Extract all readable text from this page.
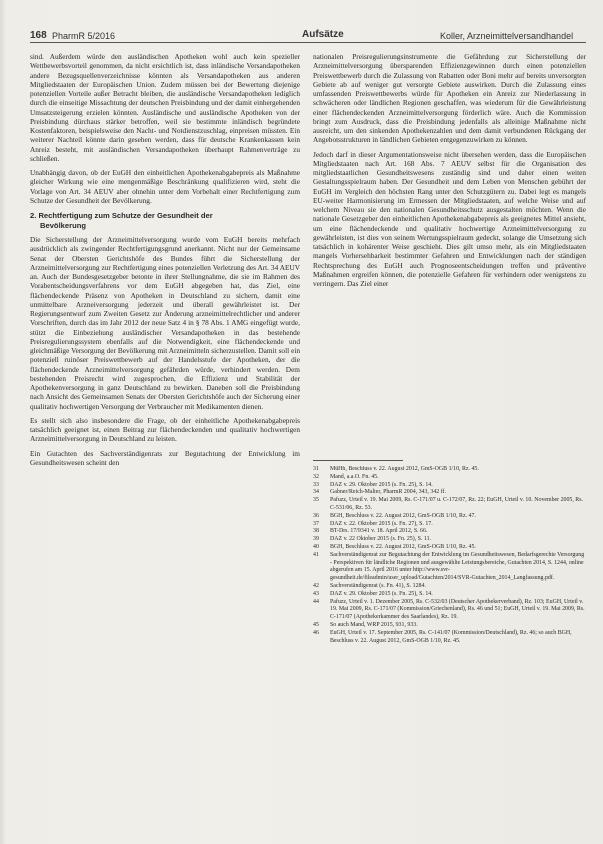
168 PharmR 5/2016	Aufsätze	Koller, Arzneimittelversandhandel

sind. Außerdem würde den ausländischen Apotheken wohl auch kein spezieller Wettbewerbsvorteil genommen, da nicht ersichtlich ist, dass inländische Versandapotheken andere Bezugsquellenverzeichnisse könnten als Versandapotheken aus anderen Mitgliedstaaten der Europäischen Union. Zudem müssen bei der Bewertung diejenige potenziellen Vorteile außer Betracht bleiben, die ausländische Versandapotheken lediglich durch die einseitige Missachtung der deutschen Preisbindung und der damit einhergehenden Umsatzsteigerung erzielen könnten. Ausländische und ausländische Apotheken von der Preisbindung dürchaus stärker betroffen, weil sie bestimmte inländisch begründete Kostenfaktoren, beispielsweise den Nacht- und Notdienstzuschlag, einpreisen müssten. Ein weiterer Nachteil könnte darin gesehen werden, dass für deutsche Krankenkassen kein Anreiz besteht, mit ausländischen Versandapotheken überhaupt Rahmenverträge zu schließen.

Unabhängig davon, ob der EuGH den einheitlichen Apothekenabgabepreis als Maßnahme gleicher Wirkung wie eine mengenmäßige Beschränkung qualifizieren wird, steht die Vorlage von Art. 34 AEUV aber ohnehin unter dem Vorbehalt einer Rechtfertigung zum Schutze der Gesundheit der Bevölkerung.

2. Rechtfertigung zum Schutze der Gesundheit der
Bevölkerung

Die Sicherstellung der Arzneimittelversorgung wurde vom EuGH bereits mehrfach ausdrücklich als zwingender Rechtfertigungsgrund anerkannt. Nicht nur der Gemeinsame Senat der Obersten Gerichtshöfe des Bundes führt die Sicherstellung der Arzneimittelversorgung zur Rechtfertigung eines potenziellen Verletzung des Art. 34 AEUV an. Auch der Bundesgesetzgeber betonte in ihrer Stellungnahme, die sie im Rahmen des Vorabentscheidungsverfahrens vor dem EuGH abgegeben hat, das Ziel, eine flächendeckende Präsenz von Apotheken in Deutschland zu sichern, damit eine unmittelbare Arzneiversorgung jederzeit und überall gewährleistet ist. Der Regierungsentwurf zum Zweiten Gesetz zur Änderung arzneimittelrechtlicher und anderer Vorschriften, durch das im Jahr 2012 der neue Satz 4 in § 78 Abs. 1 AMG eingefügt wurde, stützt die Einbeziehung ausländischer Versandapotheken in das bestehende Preisregulierungssystem ebenfalls auf die Notwendigkeit, eine flächendeckende und gleichmäßige Versorgung der Bevölkerung mit Arzneimitteln sicherzustellen. Damit soll ein potenziell ruinöser Preiswettbewerb auf der Handelsstufe der Apotheken, der die flächendeckende Arzneimittelversorgung gefährden würde, verhindert werden. Dem bestehenden Preisrecht wird zugesprochen, die Effizienz und Stabilität der Apothekenversorgung in ganz Deutschland zu bewirken. Daneben soll die Preisbindung nach Ansicht des Gemeinsamen Senats der Obersten Gerichtshöfe auch der Sicherung einer qualitativ hochwertigen Versorgung der Verbraucher mit Medikamenten dienen.

Es stellt sich also insbesondere die Frage, ob der einheitliche Apothekenabgabepreis tatsächlich geeignet ist, einen Beitrag zur flächendeckenden und qualitativ hochwertigen Arzneimittelversorgung in Deutschland zu leisten.

Ein Gutachten des Sachverständigenrats zur Begutachtung der Entwicklung im Gesundheitswesen scheint den

nationalen Preisregulierungsinstrumente die Gefährdung zur Sicherstellung der Arzneimittelversorgung übersparenden Effizienzgewinnen durch einen potenziellen Preiswettbewerb durch die Zulassung von Rabatten oder Boni mehr auf bereits unversorgten Gebiete ab auf weniger gut versorgte Gebiete auswirken. Durch die Zulassung eines umfassenden Preiswettbewerbs würde für Apotheken ein Anreiz zur Niederlassung in schwächeren oder ländlichen Regionen geschaffen, was wiederum für die Gewährleistung einer flächendeckenden Arzneimittelversorgung förderlich wäre. Auch die Kommission bringt zum Ausdruck, dass die Preisbindung jedenfalls als alleinige Maßnahme nicht ausreicht, um den sinkenden Apothekenzahlen und dem damit verbundenen Rückgang der Angebotsstrukturen in ländlichen Gebieten entgegenzuwirken zu können.

Jedoch darf in dieser Argumentationsweise nicht übersehen werden, dass die Europäischen Mitgliedstaaten nach Art. 168 Abs. 7 AEUV selbst für die Organisation des mitgliedstaatlichen Gesundheitswesens zuständig sind und daher einen weiten Gestaltungsspielraum haben. Der Gesundheit und dem Leben von Menschen gebührt der EuGH im Vergleich den höchsten Rang unter den Schutzgütern zu. Dabei legt es mangels EU-weiter Harmonisierung im Ermessen der Mitgliedstaaten, auf welche Weise und auf welchem Niveau sie den nationalen Gesundheitsschutz ausgestalten möchten. Wenn die nationale Gesetzgeber den einheitlichen Apothekenabgabepreis als geeignetes Mittel ansieht, um eine flächendeckende und qualitativ hochwertige Arzneimittelversorgung zu gewährleisten, ist dies von seinem Wertungsspielraum gedeckt, solange die Umsetzung sich tatsächlich in kohärenter Weise geschieht. Dies gilt umso mehr, als ein Mitgliedstaaten mangels Vorhersehbarkeit bestimmter Gefahren und Entwicklungen nach der ständigen Rechtsprechung des EuGH auch Prognoseentscheidungen treffen und präventive Maßnahmen ergreifen können, die potenzielle Gefahren für verhindern oder wenigstens zu verringern. Das Ziel einer

31	MüHh, Beschluss v. 22. August 2012, GmS-OGB 1/10, Rz. 45.
32	Mand, a.a.O. Fn. 45.
33	DAZ v. 29. Oktober 2015 (s. Fn. 25), S. 14.
34	Gabner/Reich-Malter, PharmR 2004, 343, 342 ff.
35	Pafuzz, Urteil v. 19. Mai 2009, Rs. C-171/07 u. C-172/07, Rz. 22; EuGH, Urteil v. 10. November 2005, Rs. C-531/06, Rz. 53.
36	BGH, Beschluss v. 22. August 2012, GmS-OGB 1/10, Rz. 47.
37	DAZ v. 22. Oktober 2015 (s. Fn. 27), S. 17.
38	BT-Drs. 17/9341 v. 18. April 2012, S. 66.
39	DAZ v. 22 Oktober 2015 (s. Fn. 25), S. 11.
40	BGH, Beschluss v. 22. August 2012, GmS-OGB 1/10, Rz. 45.
41	Sachverständigenrat zur Begutachtung der Entwicklung im Gesundheitswesen, Bedarfsgerechte Versorgung - Perspektiven für ländliche Regionen und ausgewählte Leistungsbereiche, Gutachten 2014, S. 1244, online abgerufen am 15. April 2016 unter http://www.svr-gesundheit.de/fileadmin/user_upload/Gutachten/2014/SVR-Gutachten_2014_Langfassung.pdf.
42	Sachverständigenrat (s. Fn. 41), S. 1284.
43	DAZ v. 29. Oktober 2015 (s. Fn. 25), S. 14.
44	Pafuzz, Urteil v. 1. Dezember 2005, Rs. C-532/03 (Deutscher Apothekerverband), Rz. 103; EuGH, Urteil v. 19. Mai 2009, Rs. C-171/07 (Kommission/Griechenland), Rs. 46 und 51; EuGH, Urteil v. 19. Mai 2009, Rs. C-171/07 (Apothekerkammer des Saarlandes), Rz. 19.
45	So auch Mand, WRP 2015, 931, 933.
46	EuGH, Urteil v. 17. September 2005, Rs. C-141/07 (Kommission/Deutschland), Rz. 46; so auch BGH, Beschluss v. 22. August 2012, GmS-OGB 1/10, Rz. 45.
